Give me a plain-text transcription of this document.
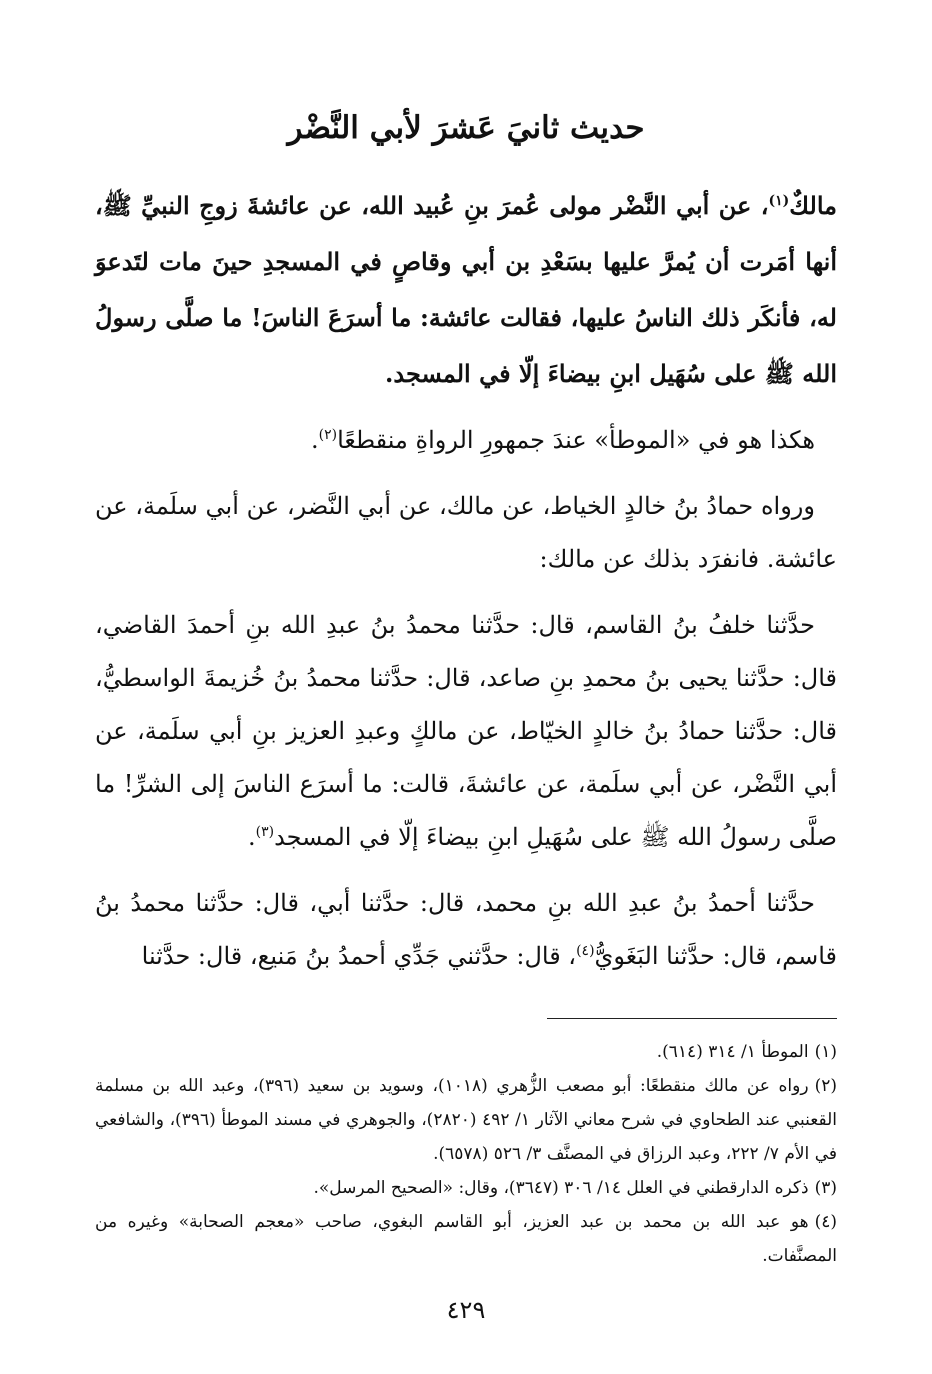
حديث ثانيَ عَشرَ لأبي النَّضْر

مالكٌ$^{(١)}$، عن أبي النَّضْر مولى عُمرَ بنِ عُبيد الله، عن عائشةَ زوجِ النبيِّ ﷺ، أنها أمَرت أن يُمرَّ عليها بسَعْدِ بن أبي وقاصٍ في المسجدِ حينَ مات لتَدعوَ له، فأنكَر ذلك الناسُ عليها، فقالت عائشة: ما أسرَعَ الناسَ! ما صلَّى رسولُ الله ﷺ على سُهَيل ابنِ بيضاءَ إلّا في المسجد.

هكذا هو في «الموطأ» عندَ جمهورِ الرواةِ منقطعًا$^{(٢)}$.

ورواه حمادُ بنُ خالدٍ الخياط، عن مالك، عن أبي النَّضر، عن أبي سلَمة، عن عائشة. فانفرَد بذلك عن مالك:

حدَّثنا خلفُ بنُ القاسم، قال: حدَّثنا محمدُ بنُ عبدِ الله بنِ أحمدَ القاضي، قال: حدَّثنا يحيى بنُ محمدِ بنِ صاعد، قال: حدَّثنا محمدُ بنُ خُزيمةَ الواسطيُّ، قال: حدَّثنا حمادُ بنُ خالدٍ الخيّاط، عن مالكٍ وعبدِ العزيز بنِ أبي سلَمة، عن أبي النَّضْر، عن أبي سلَمة، عن عائشةَ، قالت: ما أسرَع الناسَ إلى الشرِّ! ما صلَّى رسولُ الله ﷺ على سُهَيلِ ابنِ بيضاءَ إلّا في المسجد$^{(٣)}$.

حدَّثنا أحمدُ بنُ عبدِ الله بنِ محمد، قال: حدَّثنا أبي، قال: حدَّثنا محمدُ بنُ قاسم، قال: حدَّثنا البَغَويُّ$^{(٤)}$، قال: حدَّثني جَدِّي أحمدُ بنُ مَنيع، قال: حدَّثنا

(١)الموطأ ١/ ٣١٤ (٦١٤).

(٢)رواه عن مالك منقطعًا: أبو مصعب الزُّهري (١٠١٨)، وسويد بن سعيد (٣٩٦)، وعبد الله بن مسلمة القعنبي عند الطحاوي في شرح معاني الآثار ١/ ٤٩٢ (٢٨٢٠)، والجوهري في مسند الموطأ (٣٩٦)، والشافعي في الأم ٧/ ٢٢٢، وعبد الرزاق في المصنَّف ٣/ ٥٢٦ (٦٥٧٨).

(٣)ذكره الدارقطني في العلل ١٤/ ٣٠٦ (٣٦٤٧)، وقال: «الصحيح المرسل».

(٤)هو عبد الله بن محمد بن عبد العزيز، أبو القاسم البغوي، صاحب «معجم الصحابة» وغيره من المصنَّفات.

٤٢٩
